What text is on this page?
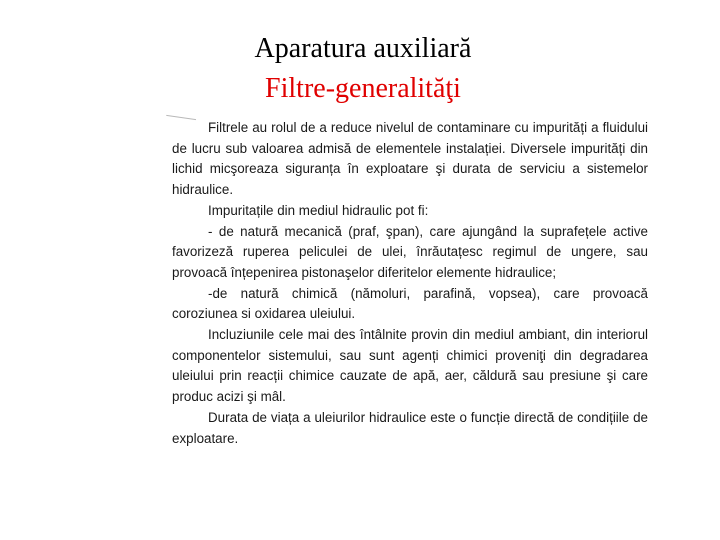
Aparatura auxiliară
Filtre-generalităţi

Filtrele au rolul de a reduce nivelul de contaminare cu impurități a fluidului de lucru sub valoarea admisă de elementele instalației. Diversele impurități din lichid micşoreaza siguranța în exploatare şi durata de serviciu a sistemelor hidraulice.

Impuritațile din mediul hidraulic pot fi:

- de natură mecanică (praf, şpan), care ajungând la suprafețele active favorizeză ruperea peliculei de ulei, înrăutațesc regimul de ungere, sau provoacă înțepenirea pistonaşelor diferitelor elemente hidraulice;

-de natură chimică (nămoluri, parafină, vopsea), care provoacă coroziunea si oxidarea uleiului.

Incluziunile cele mai des întâlnite provin din mediul ambiant, din interiorul componentelor sistemului, sau sunt agenți chimici proveniţi din degradarea uleiului prin reacții chimice cauzate de apă, aer, căldură sau presiune şi care produc acizi şi mâl.

Durata de viața a uleiurilor hidraulice este o funcție directă de condițiile de exploatare.
